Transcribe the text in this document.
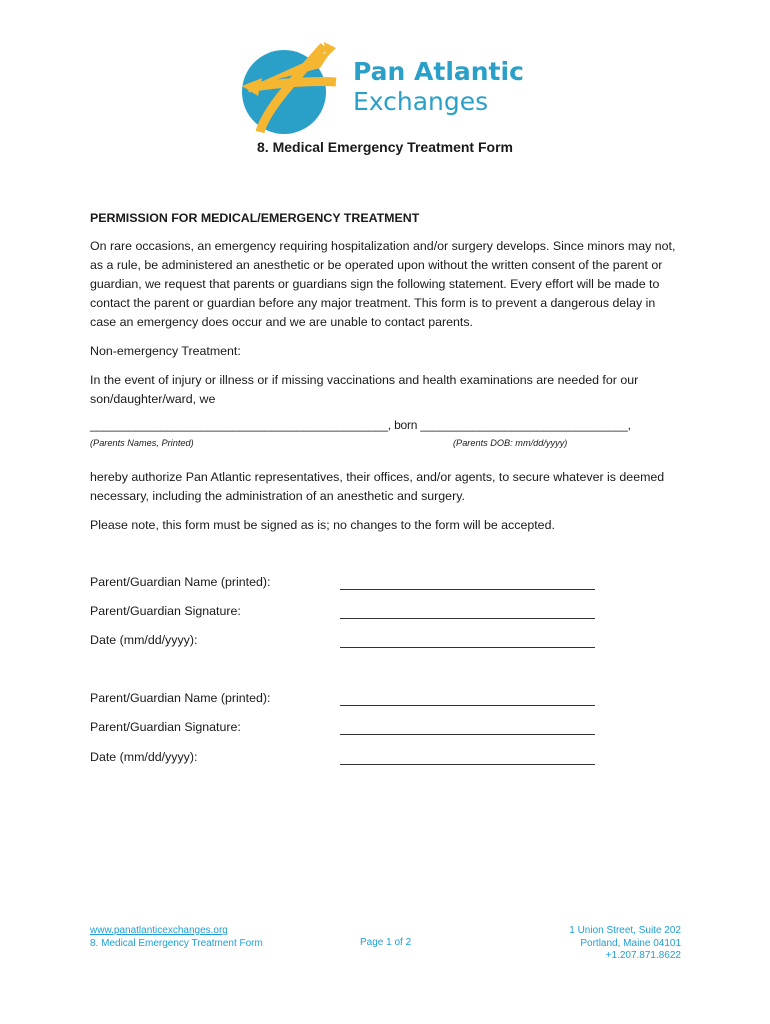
Pan Atlantic
Exchanges
8. Medical Emergency Treatment Form
PERMISSION FOR MEDICAL/EMERGENCY TREATMENT
On rare occasions, an emergency requiring hospitalization and/or surgery develops. Since minors may not, as a rule, be administered an anesthetic or be operated upon without the written consent of the parent or guardian, we request that parents or guardians sign the following statement. Every effort will be made to contact the parent or guardian before any major treatment. This form is to prevent a dangerous delay in case an emergency does occur and we are unable to contact parents.
Non-emergency Treatment:
In the event of injury or illness or if missing vaccinations and health examinations are needed for our son/daughter/ward, we
______________________________________________, born ________________________________,
(Parents Names, Printed)	(Parents DOB: mm/dd/yyyy)
hereby authorize Pan Atlantic representatives, their offices, and/or agents, to secure whatever is deemed necessary, including the administration of an anesthetic and surgery.
Please note, this form must be signed as is; no changes to the form will be accepted.
Parent/Guardian Name (printed):
Parent/Guardian Signature:
Date (mm/dd/yyyy):
Parent/Guardian Name (printed):
Parent/Guardian Signature:
Date (mm/dd/yyyy):
www.panatlanticexchanges.org
8. Medical Emergency Treatment Form	Page 1 of 2
1 Union Street, Suite 202
Portland, Maine 04101
+1.207.871.8622
